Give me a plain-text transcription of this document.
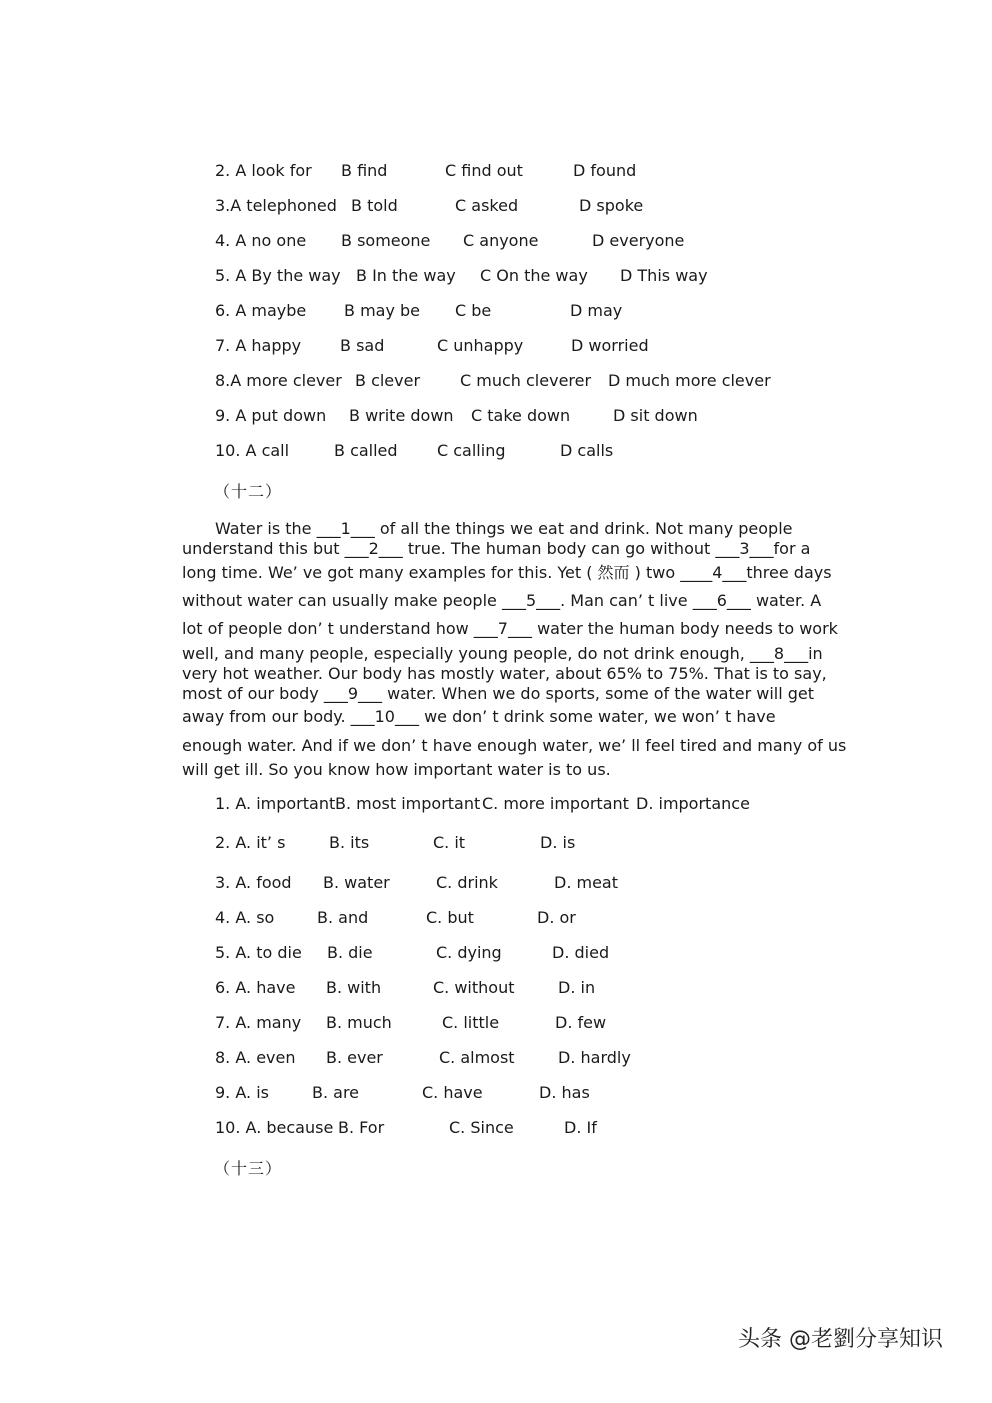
2. A look for B find	C find out	D found
3.A telephoned B told	C asked	D spoke
4. A no one B someone C anyone	D everyone
5. A By the way B In the way C On the way D This way
6. A maybe B may be C be	D may
7. A happy B sad	C unhappy	D worried
8.A more clever B clever C much cleverer D much more clever
9. A put down B write down C take down	D sit down
10. A call	B called C calling	D calls
（十二）
Water is the ___1___ of all the things we eat and drink. Not many people
understand this but ___2___ true. The human body can go without ___3___for a
long time. We’ ve got many examples for this. Yet ( 然而 ) two ____4___three days
without water can usually make people ___5___. Man can’ t live ___6___ water. A
lot of people don’ t understand how ___7___ water the human body needs to work
well, and many people, especially young people, do not drink enough, ___8___in
very hot weather. Our body has mostly water, about 65% to 75%. That is to say,
most of our body ___9___ water. When we do sports, some of the water will get
away from our body. ___10___ we don’ t drink some water, we won’ t have
enough water. And if we don’ t have enough water, we’ ll feel tired and many of us
will get ill. So you know how important water is to us.
1. A. important B. most important C. more important D. importance
2. A. it’ s	B. its	C. it	D. is
3. A. food B. water	C. drink	D. meat
4. A. so	B. and	C. but	D. or
5. A. to die B. die	C. dying	D. died
6. A. have B. with	C. without	D. in
7. A. many B. much	C. little	D. few
8. A. even B. ever	C. almost	D. hardly
9. A. is	B. are	C. have	D. has
10. A. because B. For	C. Since	D. If
（十三）
头条 @老劉分享知识
